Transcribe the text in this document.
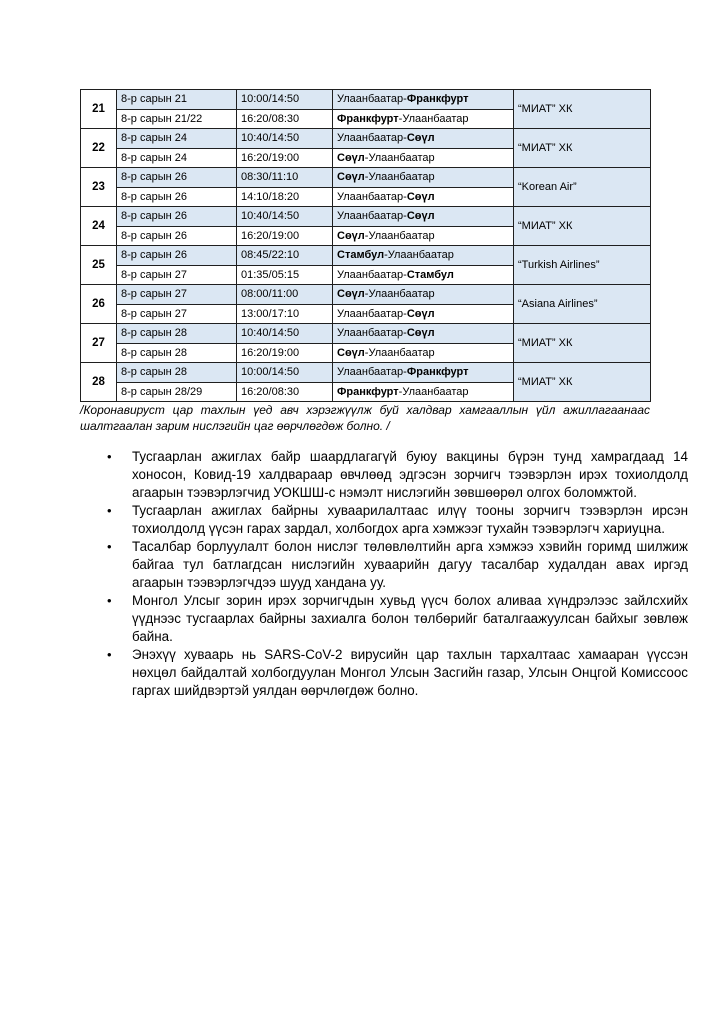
21	8-р сарын 21	10:00/14:50	Улаанбаатар-Франкфурт	“МИАТ” ХК
	8-р сарын 21/22	16:20/08:30	Франкфурт-Улаанбаатар	
22	8-р сарын 24	10:40/14:50	Улаанбаатар-Сөүл	“МИАТ” ХК
	8-р сарын 24	16:20/19:00	Сөүл-Улаанбаатар	
23	8-р сарын 26	08:30/11:10	Сөүл-Улаанбаатар	“Korean Air”
	8-р сарын 26	14:10/18:20	Улаанбаатар-Сөүл	
24	8-р сарын 26	10:40/14:50	Улаанбаатар-Сөүл	“МИАТ” ХК
	8-р сарын 26	16:20/19:00	Сөүл-Улаанбаатар	
25	8-р сарын 26	08:45/22:10	Стамбул-Улаанбаатар	“Turkish Airlines”
	8-р сарын 27	01:35/05:15	Улаанбаатар-Стамбул	
26	8-р сарын 27	08:00/11:00	Сөүл-Улаанбаатар	“Asiana Airlines”
	8-р сарын 27	13:00/17:10	Улаанбаатар-Сөүл	
27	8-р сарын 28	10:40/14:50	Улаанбаатар-Сөүл	“МИАТ” ХК
	8-р сарын 28	16:20/19:00	Сөүл-Улаанбаатар	
28	8-р сарын 28	10:00/14:50	Улаанбаатар-Франкфурт	“МИАТ” ХК
	8-р сарын 28/29	16:20/08:30	Франкфурт-Улаанбаатар	
/Коронавируст цар тахлын үед авч хэрэгжүүлж буй халдвар хамгааллын үйл ажиллагаанаас шалтгаалан зарим нислэгийн цаг өөрчлөгдөж болно. /
• Тусгаарлан ажиглах байр шаардлагагүй буюу вакцины бүрэн тунд хамрагдаад 14 хоносон, Ковид-19 халдвараар өвчлөөд эдгэсэн зорчигч тээвэрлэн ирэх тохиолдолд агаарын тээвэрлэгчид УОКШШ-с нэмэлт нислэгийн зөвшөөрөл олгох боломжтой.
• Тусгаарлан ажиглах байрны хуваарилалтаас илүү тооны зорчигч тээвэрлэн ирсэн тохиолдолд үүсэн гарах зардал, холбогдох арга хэмжээг тухайн тээвэрлэгч хариуцна.
• Тасалбар борлуулалт болон нислэг төлөвлөлтийн арга хэмжээ хэвийн горимд шилжиж байгаа тул батлагдсан нислэгийн хуваарийн дагуу тасалбар худалдан авах иргэд агаарын тээвэрлэгчдээ шууд хандана уу.
• Монгол Улсыг зорин ирэх зорчигчдын хувьд үүсч болох аливаа хүндрэлээс зайлсхийх үүднээс тусгаарлах байрны захиалга болон төлбөрийг баталгаажуулсан байхыг зөвлөж байна.
• Энэхүү хуваарь нь SARS-CoV-2 вирусийн цар тахлын тархалтаас хамааран үүссэн нөхцөл байдалтай холбогдуулан Монгол Улсын Засгийн газар, Улсын Онцгой Комиссоос гаргах шийдвэртэй уялдан өөрчлөгдөж болно.
